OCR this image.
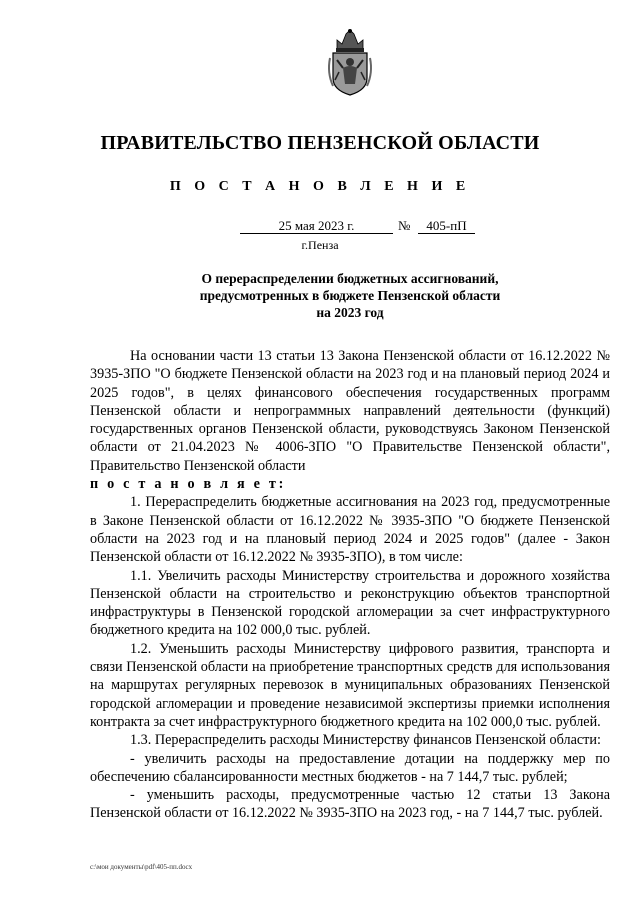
ПРАВИТЕЛЬСТВО ПЕНЗЕНСКОЙ ОБЛАСТИ
П О С Т А Н О В Л Е Н И Е
25 мая 2023 г.	№	405-пП
г.Пенза
О перераспределении бюджетных ассигнований,
предусмотренных в бюджете Пензенской области
на 2023 год

На основании части 13 статьи 13 Закона Пензенской области от 16.12.2022 № 3935-ЗПО "О бюджете Пензенской области на 2023 год и на плановый период 2024 и 2025 годов", в целях финансового обеспечения государственных программ Пензенской области и непрограммных направлений деятельности (функций) государственных органов Пензенской области, руководствуясь Законом Пензенской области от 21.04.2023 № 4006-ЗПО "О Правительстве Пензенской области", Правительство Пензенской области

п о с т а н о в л я е т:

1. Перераспределить бюджетные ассигнования на 2023 год, предусмотренные в Законе Пензенской области от 16.12.2022 № 3935-ЗПО "О бюджете Пензенской области на 2023 год и на плановый период 2024 и 2025 годов" (далее - Закон Пензенской области от 16.12.2022 № 3935-ЗПО), в том числе:

1.1. Увеличить расходы Министерству строительства и дорожного хозяйства Пензенской области на строительство и реконструкцию объектов транспортной инфраструктуры в Пензенской городской агломерации за счет инфраструктурного бюджетного кредита на 102 000,0 тыс. рублей.

1.2. Уменьшить расходы Министерству цифрового развития, транспорта и связи Пензенской области на приобретение транспортных средств для использования на маршрутах регулярных перевозок в муниципальных образованиях Пензенской городской агломерации и проведение независимой экспертизы приемки исполнения контракта за счет инфраструктурного бюджетного кредита на 102 000,0 тыс. рублей.

1.3. Перераспределить расходы Министерству финансов Пензенской области:

- увеличить расходы на предоставление дотации на поддержку мер по обеспечению сбалансированности местных бюджетов - на 7 144,7 тыс. рублей;

- уменьшить расходы, предусмотренные частью 12 статьи 13 Закона Пензенской области от 16.12.2022 № 3935-ЗПО на 2023 год, - на 7 144,7 тыс. рублей.

c:\мои документы\pdf\405-пп.docx
